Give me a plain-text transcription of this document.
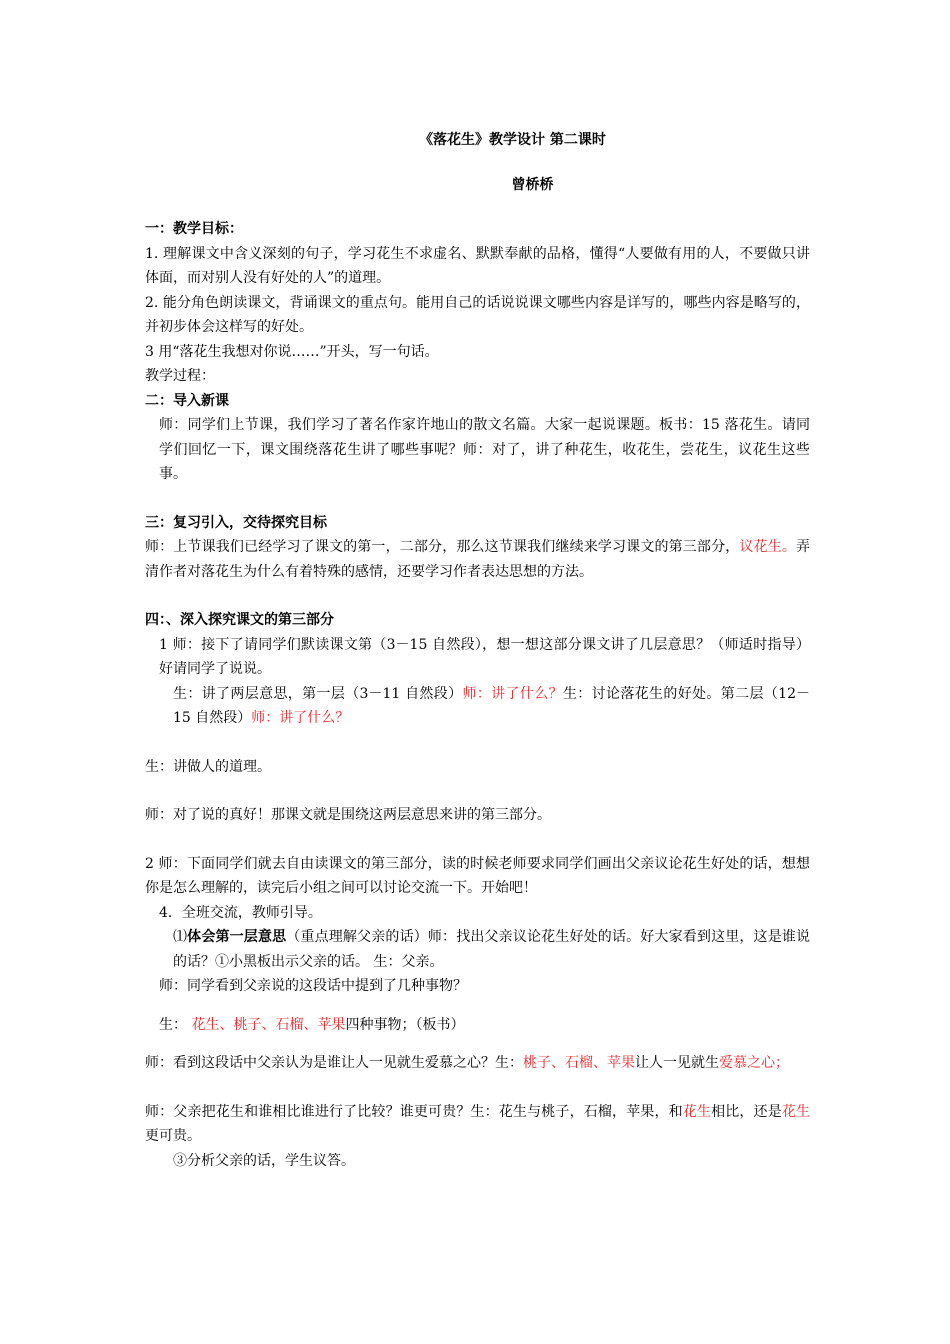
《落花生》教学设计 第二课时
曾桥桥
一：教学目标：
1. 理解课文中含义深刻的句子，学习花生不求虚名、默默奉献的品格，懂得“人要做有用的人，不要做只讲体面，而对别人没有好处的人”的道理。
2. 能分角色朗读课文，背诵课文的重点句。能用自己的话说说课文哪些内容是详写的，哪些内容是略写的，并初步体会这样写的好处。
3 用“落花生我想对你说……”开头，写一句话。
教学过程：
二：导入新课
师：同学们上节课，我们学习了著名作家许地山的散文名篇。大家一起说课题。板书：15 落花生。请同学们回忆一下，课文围绕落花生讲了哪些事呢？师：对了，讲了种花生，收花生，尝花生，议花生这些事。
三：复习引入，交待探究目标
师：上节课我们已经学习了课文的第一，二部分，那么这节课我们继续来学习课文的第三部分，议花生。弄清作者对落花生为什么有着特殊的感情，还要学习作者表达思想的方法。
四：、深入探究课文的第三部分
1 师：接下了请同学们默读课文第（3－15 自然段），想一想这部分课文讲了几层意思？（师适时指导）好请同学了说说。
生：讲了两层意思，第一层（3－11 自然段）师：讲了什么？生：讨论落花生的好处。第二层（12－15 自然段）师：讲了什么？
生：讲做人的道理。
师：对了说的真好！那课文就是围绕这两层意思来讲的第三部分。
2 师：下面同学们就去自由读课文的第三部分，读的时候老师要求同学们画出父亲议论花生好处的话，想想你是怎么理解的，读完后小组之间可以讨论交流一下。开始吧！
4．全班交流，教师引导。
⑴体会第一层意思（重点理解父亲的话）师：找出父亲议论花生好处的话。好大家看到这里，这是谁说的话？①小黑板出示父亲的话。 生：父亲。
师：同学看到父亲说的这段话中提到了几种事物？
生： 花生、桃子、石榴、苹果四种事物；（板书）
师：看到这段话中父亲认为是谁让人一见就生爱慕之心？生：桃子、石榴、苹果让人一见就生爱慕之心；
师：父亲把花生和谁相比谁进行了比较？谁更可贵？生：花生与桃子，石榴，苹果，和花生相比，还是花生更可贵。
③分析父亲的话，学生议答。
